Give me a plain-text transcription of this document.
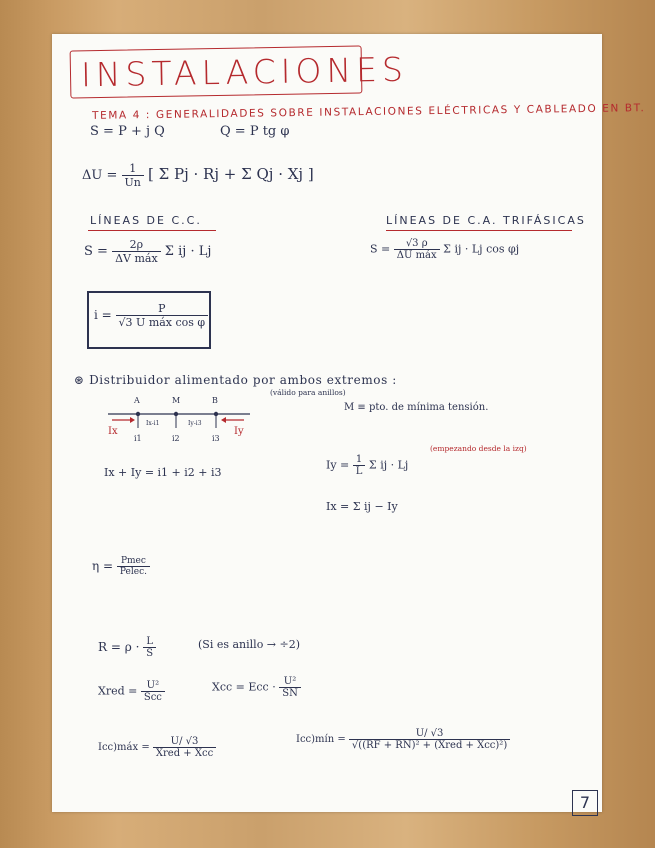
INSTALACIONES
TEMA 4 : GENERALIDADES SOBRE INSTALACIONES ELÉCTRICAS Y CABLEADO EN BT.
S = P + j Q	Q = P tg φ
$\Delta U = \frac{1}{Un}$ [ Σ Pj · Rj + Σ Qj · Xj ]
LÍNEAS DE C.C.
$S = \frac{2\rho}{\text{ΔV máx}}$ Σ ij · Lj
LÍNEAS DE C.A. TRIFÁSICAS
$S = \frac{√3 \rho}{\text{ΔU máx}}$ Σ ij · Lj cos φj
$i = \frac{P}{\text{√3 U máx cos φ}}$
⊛ Distribuidor alimentado por ambos extremos :
(válido para anillos)
A	M	B
Ix	Iy
Ix-i1	Iy-i3
i1	i2	i3
M ≡ pto. de mínima tensión.
Ix + Iy = i1 + i2 + i3
$Iy = \frac{1}{L}$ Σ ij · Lj
(empezando desde la izq)
Ix = Σ ij − Iy
$\eta = \frac{\text{Pmec}}{\text{Pelec.}}$
$R = \rho \cdot \frac{L}{S}$	(Si es anillo → ÷2)
Xred = $\frac{\text{U²}}{\text{Scc}}$	Xcc = Ecc · $\frac{\text{U²}}{SN}$
Icc)máx = $\frac{U/ √3}{\text{Xred + Xcc}}$	Icc)mín = $\frac{U/ √3}{\text{√((RF + RN)² + (Xred + Xcc)²)}}$
7
